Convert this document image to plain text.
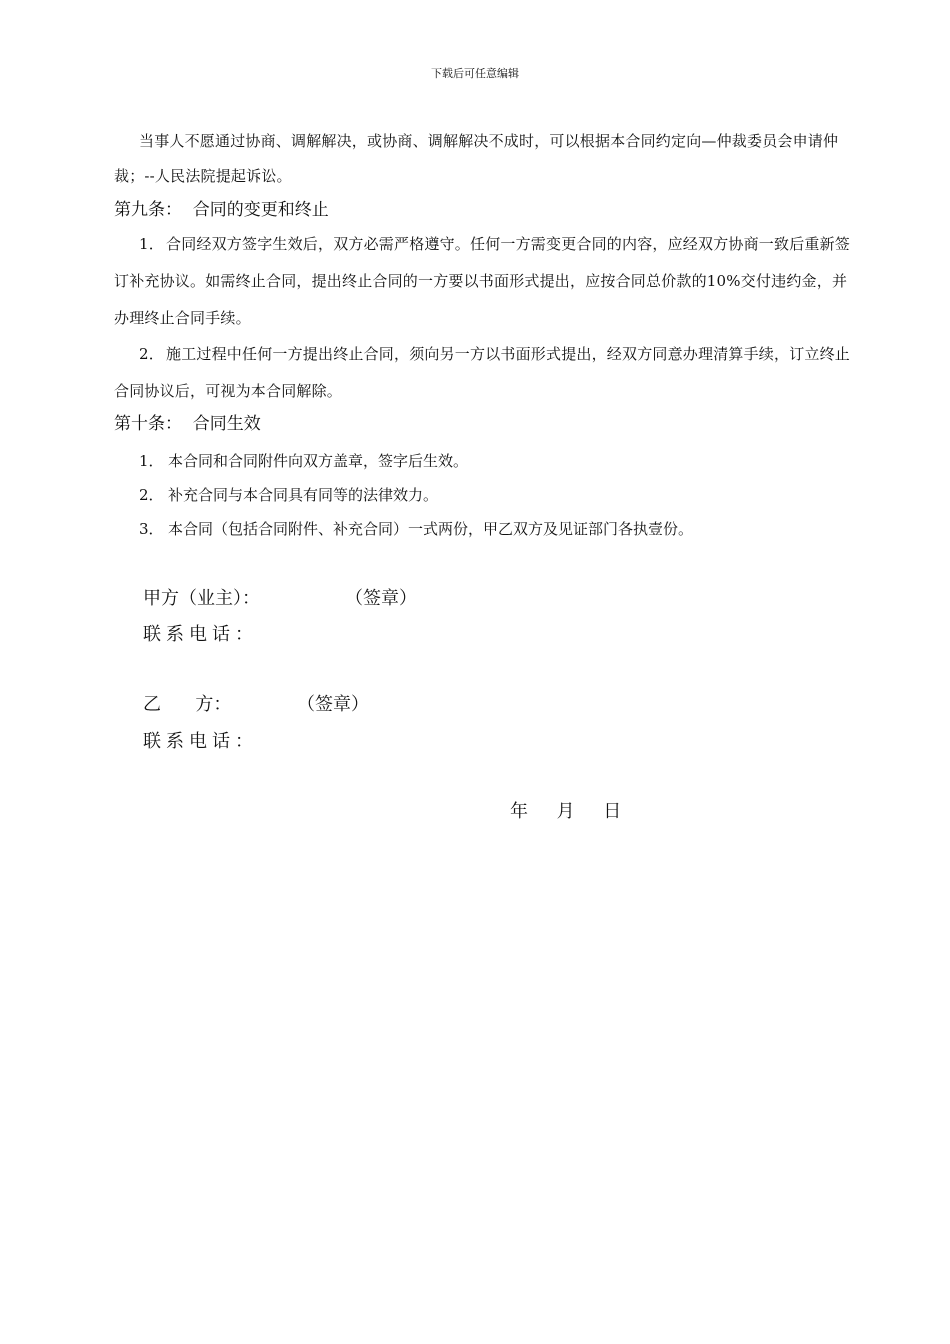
下载后可任意编辑
当事人不愿通过协商、调解解决，或协商、调解解决不成时，可以根据本合同约定向—仲裁委员会申请仲裁；--人民法院提起诉讼。
第九条：  合同的变更和终止
1． 合同经双方签字生效后，双方必需严格遵守。任何一方需变更合同的内容，应经双方协商一致后重新签订补充协议。如需终止合同，提出终止合同的一方要以书面形式提出，应按合同总价款的10%交付违约金，并办理终止合同手续。
2． 施工过程中任何一方提出终止合同，须向另一方以书面形式提出，经双方同意办理清算手续，订立终止合同协议后，可视为本合同解除。
第十条：  合同生效
1． 本合同和合同附件向双方盖章，签字后生效。
2． 补充合同与本合同具有同等的法律效力。
3． 本合同（包括合同附件、补充合同）一式两份，甲乙双方及见证部门各执壹份。
甲方（业主）：	（签章）
联系电话：
乙      方：	（签章）
联系电话：
年     月     日
